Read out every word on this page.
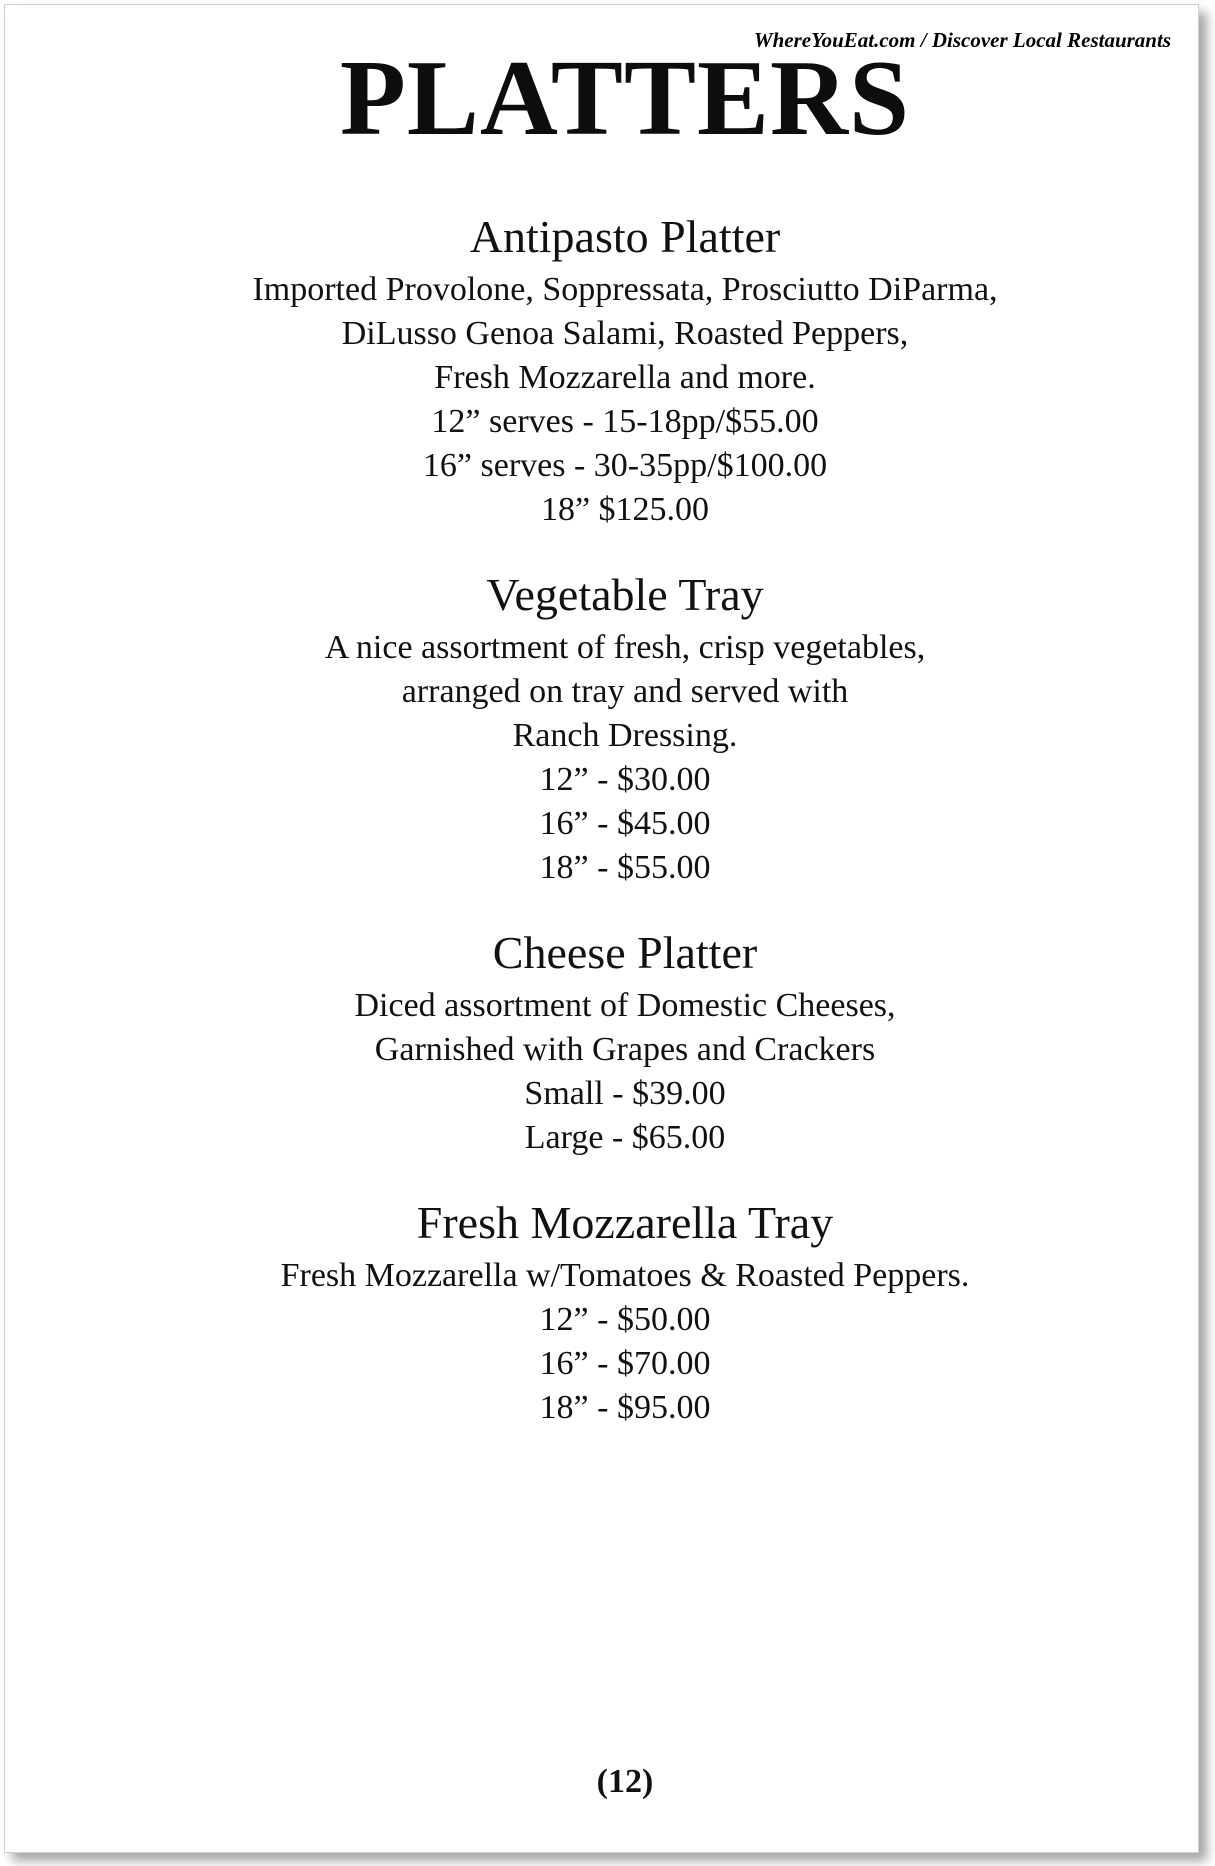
WhereYouEat.com / Discover Local Restaurants
PLATTERS
Antipasto Platter

Imported Provolone, Soppressata, Prosciutto DiParma,

DiLusso Genoa Salami, Roasted Peppers,

Fresh Mozzarella and more.

12” serves - 15-18pp/$55.00

16” serves - 30-35pp/$100.00

18” $125.00

Vegetable Tray

A nice assortment of fresh, crisp vegetables,

arranged on tray and served with

Ranch Dressing.

12” - $30.00

16” - $45.00

18” - $55.00

Cheese Platter

Diced assortment of Domestic Cheeses,

Garnished with Grapes and Crackers

Small - $39.00

Large - $65.00

Fresh Mozzarella Tray

Fresh Mozzarella w/Tomatoes & Roasted Peppers.

12” - $50.00

16” - $70.00

18” - $95.00

(12)
